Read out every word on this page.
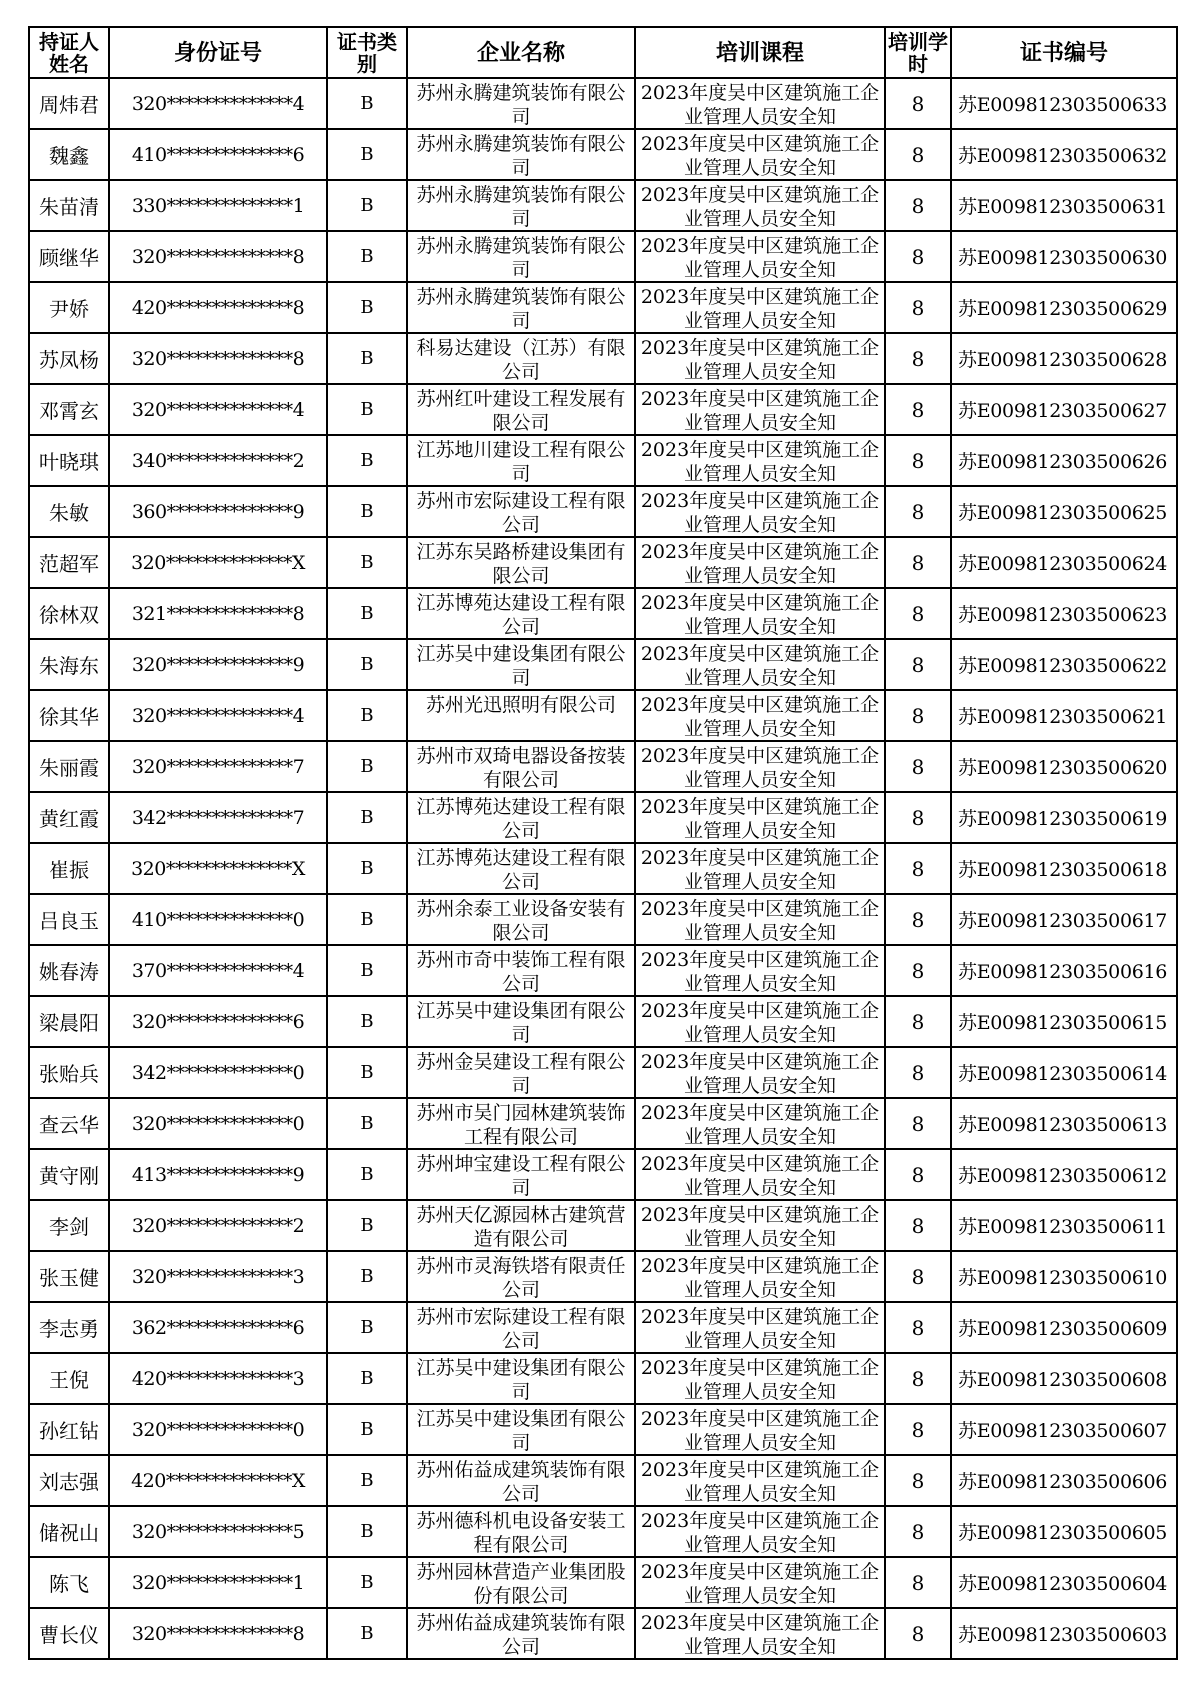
持证人姓名	身份证号	证书类别	企业名称	培训课程	培训学时	证书编号
周炜君	320**************4	B	苏州永腾建筑装饰有限公司	2023年度吴中区建筑施工企业管理人员安全知	8	苏E009812303500633
魏鑫	410**************6	B	苏州永腾建筑装饰有限公司	2023年度吴中区建筑施工企业管理人员安全知	8	苏E009812303500632
朱苗清	330**************1	B	苏州永腾建筑装饰有限公司	2023年度吴中区建筑施工企业管理人员安全知	8	苏E009812303500631
顾继华	320**************8	B	苏州永腾建筑装饰有限公司	2023年度吴中区建筑施工企业管理人员安全知	8	苏E009812303500630
尹娇	420**************8	B	苏州永腾建筑装饰有限公司	2023年度吴中区建筑施工企业管理人员安全知	8	苏E009812303500629
苏凤杨	320**************8	B	科易达建设（江苏）有限公司	2023年度吴中区建筑施工企业管理人员安全知	8	苏E009812303500628
邓霄玄	320**************4	B	苏州红叶建设工程发展有限公司	2023年度吴中区建筑施工企业管理人员安全知	8	苏E009812303500627
叶晓琪	340**************2	B	江苏地川建设工程有限公司	2023年度吴中区建筑施工企业管理人员安全知	8	苏E009812303500626
朱敏	360**************9	B	苏州市宏际建设工程有限公司	2023年度吴中区建筑施工企业管理人员安全知	8	苏E009812303500625
范超军	320**************X	B	江苏东吴路桥建设集团有限公司	2023年度吴中区建筑施工企业管理人员安全知	8	苏E009812303500624
徐林双	321**************8	B	江苏博苑达建设工程有限公司	2023年度吴中区建筑施工企业管理人员安全知	8	苏E009812303500623
朱海东	320**************9	B	江苏吴中建设集团有限公司	2023年度吴中区建筑施工企业管理人员安全知	8	苏E009812303500622
徐其华	320**************4	B	苏州光迅照明有限公司	2023年度吴中区建筑施工企业管理人员安全知	8	苏E009812303500621
朱丽霞	320**************7	B	苏州市双琦电器设备按装有限公司	2023年度吴中区建筑施工企业管理人员安全知	8	苏E009812303500620
黄红霞	342**************7	B	江苏博苑达建设工程有限公司	2023年度吴中区建筑施工企业管理人员安全知	8	苏E009812303500619
崔振	320**************X	B	江苏博苑达建设工程有限公司	2023年度吴中区建筑施工企业管理人员安全知	8	苏E009812303500618
吕良玉	410**************0	B	苏州余泰工业设备安装有限公司	2023年度吴中区建筑施工企业管理人员安全知	8	苏E009812303500617
姚春涛	370**************4	B	苏州市奇中装饰工程有限公司	2023年度吴中区建筑施工企业管理人员安全知	8	苏E009812303500616
梁晨阳	320**************6	B	江苏吴中建设集团有限公司	2023年度吴中区建筑施工企业管理人员安全知	8	苏E009812303500615
张贻兵	342**************0	B	苏州金吴建设工程有限公司	2023年度吴中区建筑施工企业管理人员安全知	8	苏E009812303500614
查云华	320**************0	B	苏州市吴门园林建筑装饰工程有限公司	2023年度吴中区建筑施工企业管理人员安全知	8	苏E009812303500613
黄守刚	413**************9	B	苏州坤宝建设工程有限公司	2023年度吴中区建筑施工企业管理人员安全知	8	苏E009812303500612
李剑	320**************2	B	苏州天亿源园林古建筑营造有限公司	2023年度吴中区建筑施工企业管理人员安全知	8	苏E009812303500611
张玉健	320**************3	B	苏州市灵海铁塔有限责任公司	2023年度吴中区建筑施工企业管理人员安全知	8	苏E009812303500610
李志勇	362**************6	B	苏州市宏际建设工程有限公司	2023年度吴中区建筑施工企业管理人员安全知	8	苏E009812303500609
王倪	420**************3	B	江苏吴中建设集团有限公司	2023年度吴中区建筑施工企业管理人员安全知	8	苏E009812303500608
孙红钻	320**************0	B	江苏吴中建设集团有限公司	2023年度吴中区建筑施工企业管理人员安全知	8	苏E009812303500607
刘志强	420**************X	B	苏州佑益成建筑装饰有限公司	2023年度吴中区建筑施工企业管理人员安全知	8	苏E009812303500606
储祝山	320**************5	B	苏州德科机电设备安装工程有限公司	2023年度吴中区建筑施工企业管理人员安全知	8	苏E009812303500605
陈飞	320**************1	B	苏州园林营造产业集团股份有限公司	2023年度吴中区建筑施工企业管理人员安全知	8	苏E009812303500604
曹长仪	320**************8	B	苏州佑益成建筑装饰有限公司	2023年度吴中区建筑施工企业管理人员安全知	8	苏E009812303500603
